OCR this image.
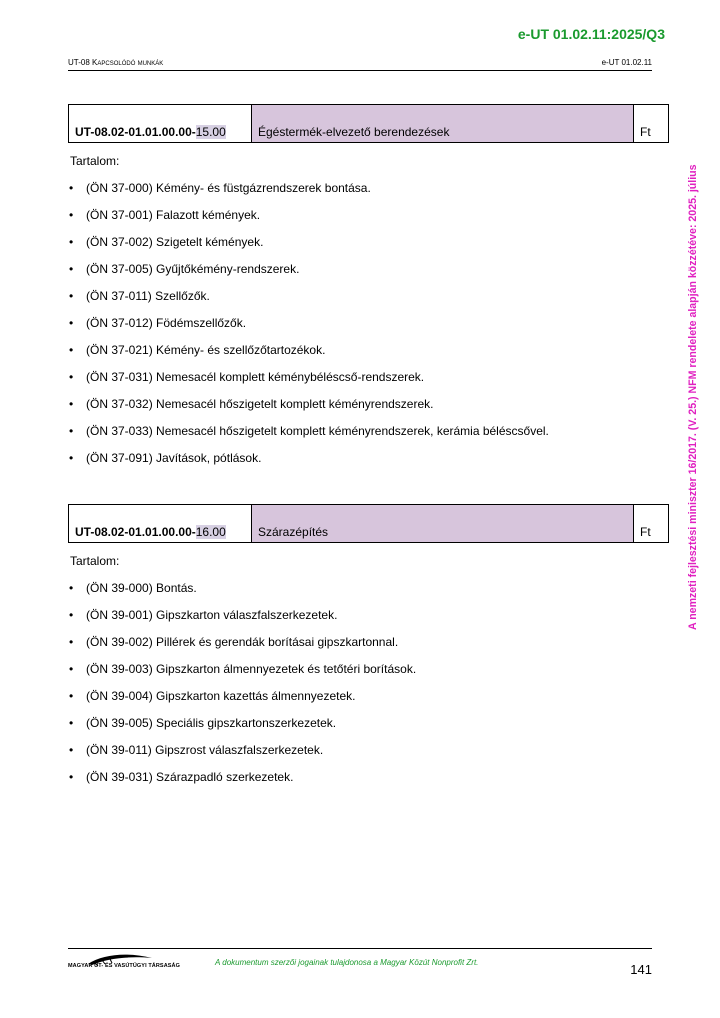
e-UT 01.02.11:2025/Q3
UT-08 Kapcsolódó munkák	e-UT 01.02.11
A nemzeti fejlesztési miniszter 16/2017. (V. 25.) NFM rendelete alapján közzétéve: 2025. július
UT-08.02-01.01.00.00-15.00	Égéstermék-elvezető berendezések	Ft
Tartalom:
• (ÖN 37-000) Kémény- és füstgázrendszerek bontása.
• (ÖN 37-001) Falazott kémények.
• (ÖN 37-002) Szigetelt kémények.
• (ÖN 37-005) Gyűjtőkémény-rendszerek.
• (ÖN 37-011) Szellőzők.
• (ÖN 37-012) Födémszellőzők.
• (ÖN 37-021) Kémény- és szellőzőtartozékok.
• (ÖN 37-031) Nemesacél komplett kéménybéléscső-rendszerek.
• (ÖN 37-032) Nemesacél hőszigetelt komplett kéményrendszerek.
• (ÖN 37-033) Nemesacél hőszigetelt komplett kéményrendszerek, kerámia béléscsővel.
• (ÖN 37-091) Javítások, pótlások.
UT-08.02-01.01.00.00-16.00	Szárazépítés	Ft
Tartalom:
• (ÖN 39-000) Bontás.
• (ÖN 39-001) Gipszkarton válaszfalszerkezetek.
• (ÖN 39-002) Pillérek és gerendák borításai gipszkartonnal.
• (ÖN 39-003) Gipszkarton álmennyezetek és tetőtéri borítások.
• (ÖN 39-004) Gipszkarton kazettás álmennyezetek.
• (ÖN 39-005) Speciális gipszkartonszerkezetek.
• (ÖN 39-011) Gipszrost válaszfalszerkezetek.
• (ÖN 39-031) Szárazpadló szerkezetek.
MAGYAR ÚT- ÉS VASÚTÜGYI TÁRSASÁG	A dokumentum szerzői jogainak tulajdonosa a Magyar Közút Nonprofit Zrt.	141
